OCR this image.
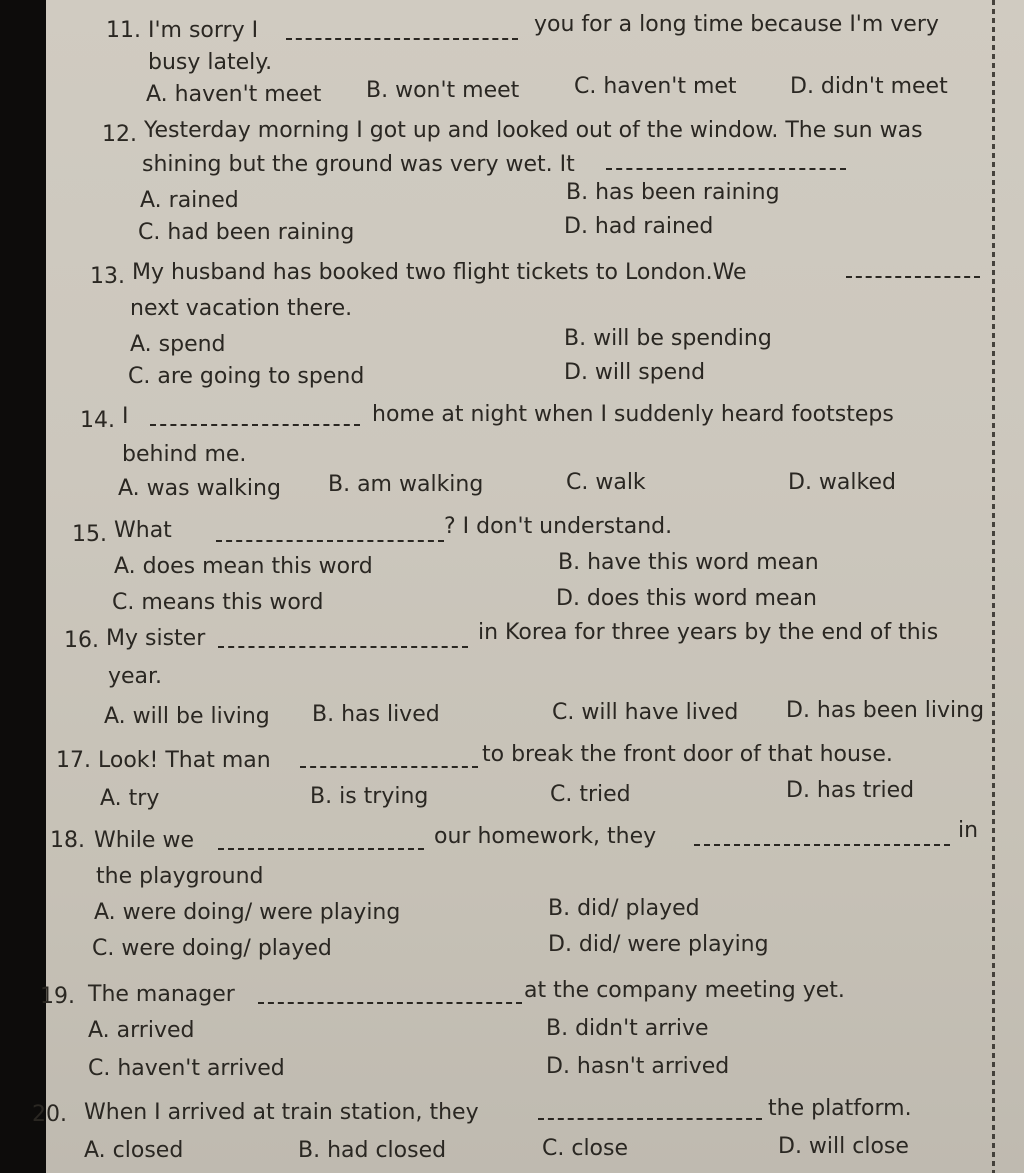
11. I'm sorry I	you for a long time because I'm very
busy lately.
A. haven't meet B. won't meet C. haven't met D. didn't meet
12. Yesterday morning I got up and looked out of the window. The sun was
shining but the ground was very wet. It
A. rained	B. has been raining
C. had been raining	D. had rained
13. My husband has booked two flight tickets to London.We
next vacation there.
A. spend	B. will be spending
C. are going to spend	D. will spend
14. I	home at night when I suddenly heard footsteps
behind me.
A. was walking B. am walking	C. walk	D. walked
15. What	? I don't understand.
A. does mean this word	B. have this word mean
C. means this word	D. does this word mean
16. My sister	in Korea for three years by the end of this
year.
A. will be living B. has lived	C. will have lived D. has been living
17. Look! That man	to break the front door of that house.
A. try	B. is trying	C. tried	D. has tried
18. While we	our homework, they	in
the playground
A. were doing/ were playing	B. did/ played
C. were doing/ played	D. did/ were playing
19. The manager	at the company meeting yet.
A. arrived	B. didn't arrive
C. haven't arrived	D. hasn't arrived
20. When I arrived at train station, they	the platform.
A. closed	B. had closed	C. close	D. will close
